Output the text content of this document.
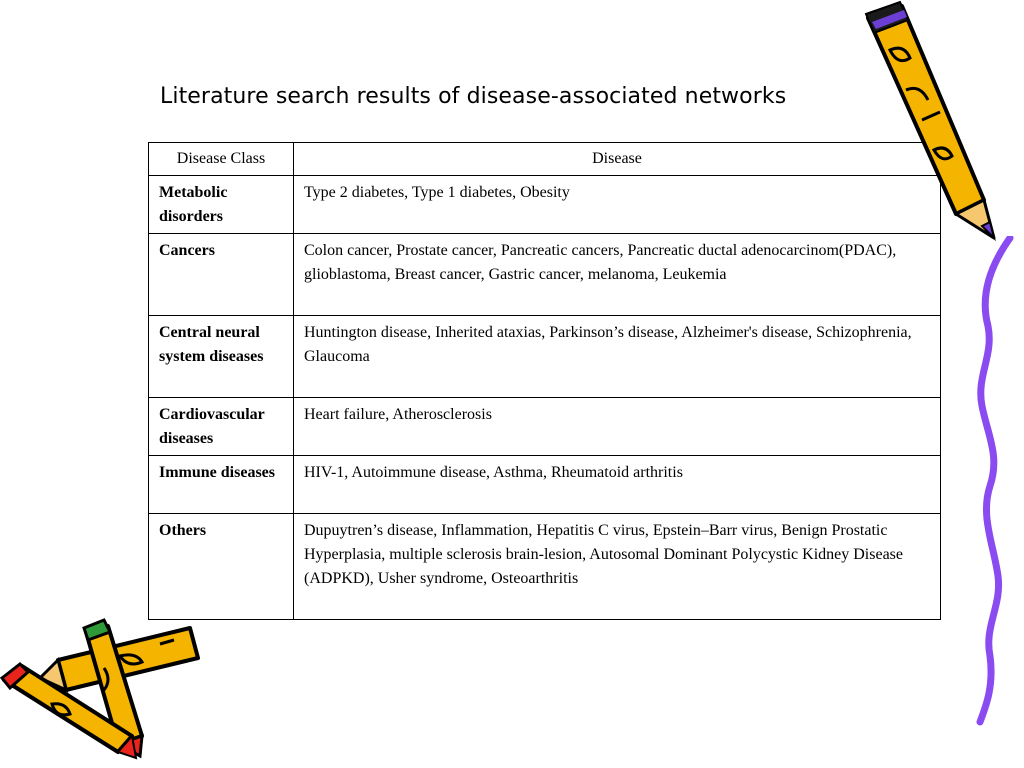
Literature search results of disease-associated networks
Disease Class	Disease
Metabolic disorders	Type 2 diabetes, Type 1 diabetes, Obesity
Cancers	Colon cancer, Prostate cancer, Pancreatic cancers, Pancreatic ductal adenocarcinom(PDAC), glioblastoma, Breast cancer, Gastric cancer, melanoma, Leukemia
Central neural system diseases	Huntington disease, Inherited ataxias, Parkinson’s disease, Alzheimer's disease, Schizophrenia, Glaucoma
Cardiovascular diseases	Heart failure, Atherosclerosis
Immune diseases	HIV-1, Autoimmune disease, Asthma, Rheumatoid arthritis
Others	Dupuytren’s disease, Inflammation, Hepatitis C virus, Epstein–Barr virus, Benign Prostatic Hyperplasia, multiple sclerosis brain-lesion, Autosomal Dominant Polycystic Kidney Disease (ADPKD), Usher syndrome, Osteoarthritis
